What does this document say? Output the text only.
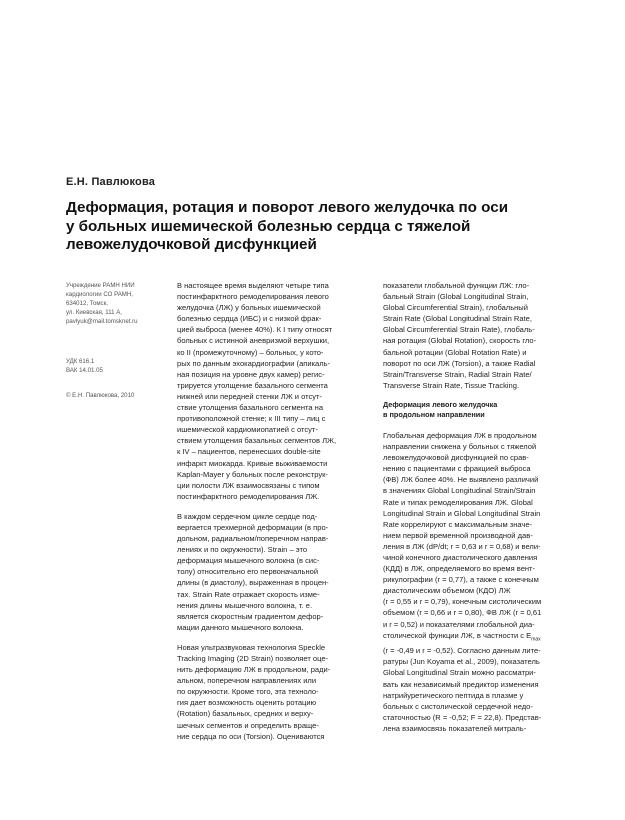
Е.Н. Павлюкова
Деформация, ротация и поворот левого желудочка по оси
у больных ишемической болезнью сердца с тяжелой
левожелудочковой дисфункцией
Учреждение РАМН НИИ
кардиологии СО РАМН,
634012, Томск,
ул. Киевская, 111 А,
pavlyuk@mail.tomsknet.ru
УДК 616.1
ВАК 14.01.05
© Е.Н. Павлюкова, 2010
В настоящее время выделяют четыре типа
постинфарктного ремоделирования левого
желудочка (ЛЖ) у больных ишемической
болезнью сердца (ИБС) и с низкой фрак-
цией выброса (менее 40%). К I типу относят
больных с истинной аневризмой верхушки,
ко II (промежуточному) – больных, у кото-
рых по данным эхокардиографии (апикаль-
ная позиция на уровне двух камер) регис-
трируется утолщение базального сегмента
нижней или передней стенки ЛЖ и отсут-
ствие утолщения базального сегмента на
противоположной стенке; к III типу – лиц с
ишемической кардиомиопатией с отсут-
ствием утолщения базальных сегментов ЛЖ,
к IV – пациентов, перенесших double-site
инфаркт миокарда. Кривые выживаемости
Kaplan-Mayer у больных после реконструк-
ции полости ЛЖ взаимосвязаны с типом
постинфарктного ремоделирования ЛЖ.
В каждом сердечном цикле сердце под-
вергается трехмерной деформации (в про-
дольном, радиальном/поперечном направ-
лениях и по окружности). Strain – это
деформация мышечного волокна (в сис-
толу) относительно его первоначальной
длины (в диастолу), выраженная в процен-
тах. Strain Rate отражает скорость изме-
нения длины мышечного волокна, т. е.
является скоростным градиентом дефор-
мации данного мышечного волокна.
Новая ультразвуковая технология Speckle
Tracking Imaging (2D Strain) позволяет оце-
нить деформацию ЛЖ в продольном, ради-
альном, поперечном направлениях или
по окружности. Кроме того, эта техноло-
гия дает возможность оценить ротацию
(Rotation) базальных, средних и верху-
шечных сегментов и определить враще-
ние сердца по оси (Torsion). Оцениваются
показатели глобальной функции ЛЖ: гло-
бальный Strain (Global Longitudinal Strain,
Global Circumferential Strain), глобальный
Strain Rate (Global Longitudinal Strain Rate,
Global Circumferential Strain Rate), глобаль-
ная ротация (Global Rotation), скорость гло-
бальной ротации (Global Rotation Rate) и
поворот по оси ЛЖ (Torsion), а также Radial
Strain/Transverse Strain, Radial Strain Rate/
Transverse Strain Rate, Tissue Tracking.
Деформация левого желудочка
в продольном направлении
Глобальная деформация ЛЖ в продольном
направлении снижена у больных с тяжелой
левожелудочковой дисфункцией по срав-
нению с пациентами с фракцией выброса
(ФВ) ЛЖ более 40%. Не выявлено различий
в значениях Global Longitudinal Strain/Strain
Rate и типах ремоделирования ЛЖ. Global
Longitudinal Strain и Global Longitudinal Strain
Rate коррелируют с максимальным значе-
нием первой временной производной дав-
ления в ЛЖ (dP/dt; r = 0,63 и r = 0,68) и вели-
чиной конечного диастолического давления
(КДД) в ЛЖ, определяемого во время вент-
рикулографии (r = 0,77), а также с конечным
диастолическим объемом (КДО) ЛЖ
(r = 0,55 и r = 0,79), конечным систолическим
объемом (r = 0,66 и r = 0,80), ФВ ЛЖ (r = 0,61
и r = 0,52) и показателями глобальной диа-
столической функции ЛЖ, в частности с $E_{max}$
(r = -0,49 и r = -0,52). Согласно данным лите-
ратуры (Jun Koyama et al., 2009), показатель
Global Longitudinal Strain можно рассматри-
вать как независимый предиктор изменения
натрийуретического пептида в плазме у
больных с систолической сердечной недо-
статочностью (R = -0,52; F = 22,8). Представ-
лена взаимосвязь показателей митраль-
